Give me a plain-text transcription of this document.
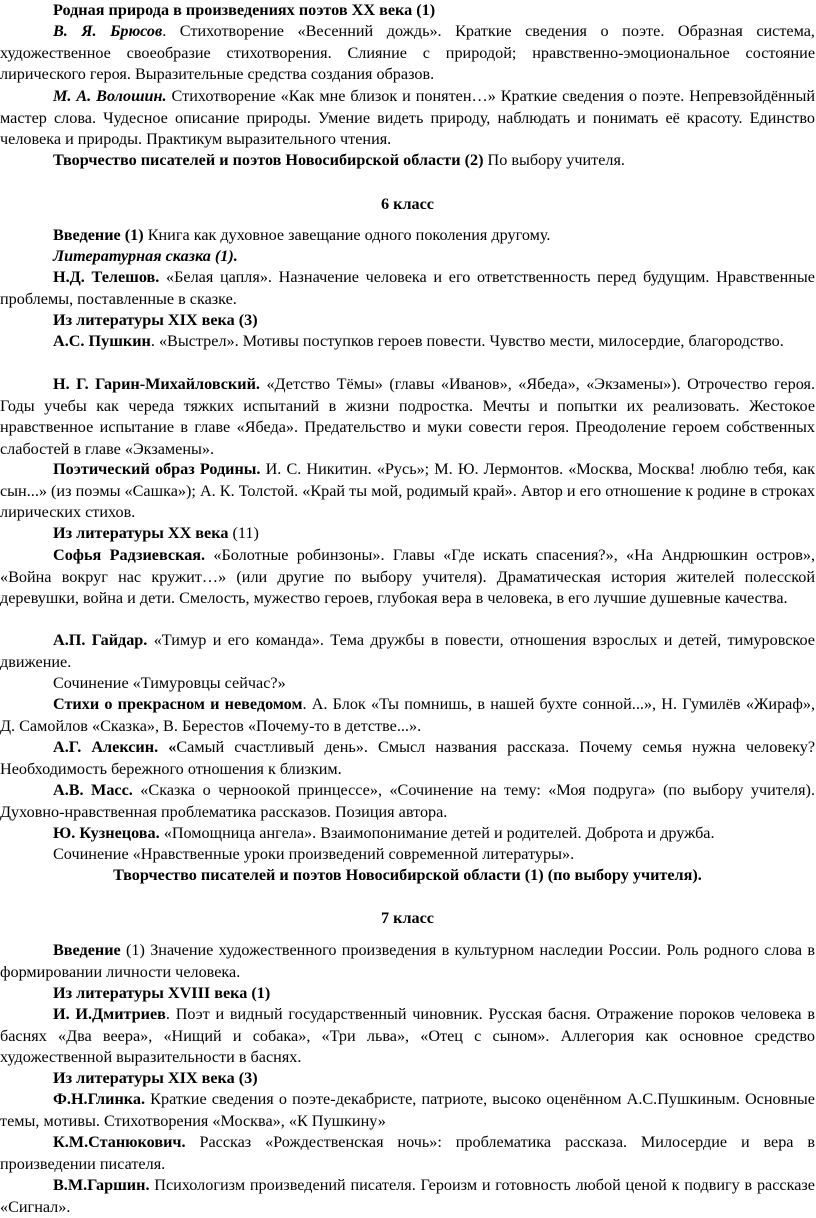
Родная природа в произведениях поэтов XX века (1)

В. Я. Брюсов. Стихотворение «Весенний дождь». Краткие сведения о поэте. Образная система, художественное своеобразие стихотворения. Слияние с природой; нравственно-эмоциональное состояние лирического героя. Выразительные средства создания образов.

М. А. Волошин. Стихотворение «Как мне близок и понятен…» Краткие сведения о поэте. Непревзойдённый мастер слова. Чудесное описание природы. Умение видеть природу, наблюдать и понимать её красоту. Единство человека и природы. Практикум выразительного чтения.

Творчество писателей и поэтов Новосибирской области (2) По выбору учителя.

6 класс

Введение (1) Книга как духовное завещание одного поколения другому.

Литературная сказка (1).

Н.Д. Телешов. «Белая цапля». Назначение человека и его ответственность перед будущим. Нравственные проблемы, поставленные в сказке.

Из литературы XIX века (3)

А.С. Пушкин. «Выстрел». Мотивы поступков героев повести. Чувство мести, милосердие, благородство.

Н. Г. Гарин-Михайловский. «Детство Тёмы» (главы «Иванов», «Ябеда», «Экзамены»). Отрочество героя. Годы учебы как череда тяжких испытаний в жизни подростка. Мечты и попытки их реализовать. Жестокое нравственное испытание в главе «Ябеда». Предательство и муки совести героя. Преодоление героем собственных слабостей в главе «Экзамены».

Поэтический образ Родины. И. С. Никитин. «Русь»; М. Ю. Лермонтов. «Москва, Москва! люблю тебя, как сын...» (из поэмы «Сашка»); А. К. Толстой. «Край ты мой, родимый край». Автор и его отношение к родине в строках лирических стихов.

Из литературы XX века (11)

Софья Радзиевская. «Болотные робинзоны». Главы «Где искать спасения?», «На Андрюшкин остров», «Война вокруг нас кружит…» (или другие по выбору учителя). Драматическая история жителей полесской деревушки, война и дети. Смелость, мужество героев, глубокая вера в человека, в его лучшие душевные качества.

А.П. Гайдар. «Тимур и его команда». Тема дружбы в повести, отношения взрослых и детей, тимуровское движение.

Сочинение «Тимуровцы сейчас?»

Стихи о прекрасном и неведомом. А. Блок «Ты помнишь, в нашей бухте сонной...», Н. Гумилёв «Жираф», Д. Самойлов «Сказка», В. Берестов «Почему-то в детстве...».

А.Г. Алексин. «Самый счастливый день». Смысл названия рассказа. Почему семья нужна человеку? Необходимость бережного отношения к близким.

А.В. Масс. «Сказка о черноокой принцессе», «Сочинение на тему: «Моя подруга» (по выбору учителя). Духовно-нравственная проблематика рассказов. Позиция автора.

Ю. Кузнецова. «Помощница ангела». Взаимопонимание детей и родителей. Доброта и дружба.

Сочинение «Нравственные уроки произведений современной литературы».

Творчество писателей и поэтов Новосибирской области (1) (по выбору учителя).

7 класс

Введение (1) Значение художественного произведения в культурном наследии России. Роль родного слова в формировании личности человека.

Из литературы XVIII века (1)

И. И.Дмитриев. Поэт и видный государственный чиновник. Русская басня. Отражение пороков человека в баснях «Два веера», «Нищий и собака», «Три льва», «Отец с сыном». Аллегория как основное средство художественной выразительности в баснях.

Из литературы XIX века (3)

Ф.Н.Глинка. Краткие сведения о поэте-декабристе, патриоте, высоко оценённом А.С.Пушкиным. Основные темы, мотивы. Стихотворения «Москва», «К Пушкину»

К.М.Станюкович. Рассказ «Рождественская ночь»: проблематика рассказа. Милосердие и вера в произведении писателя.

В.М.Гаршин. Психологизм произведений писателя. Героизм и готовность любой ценой к подвигу в рассказе «Сигнал».
